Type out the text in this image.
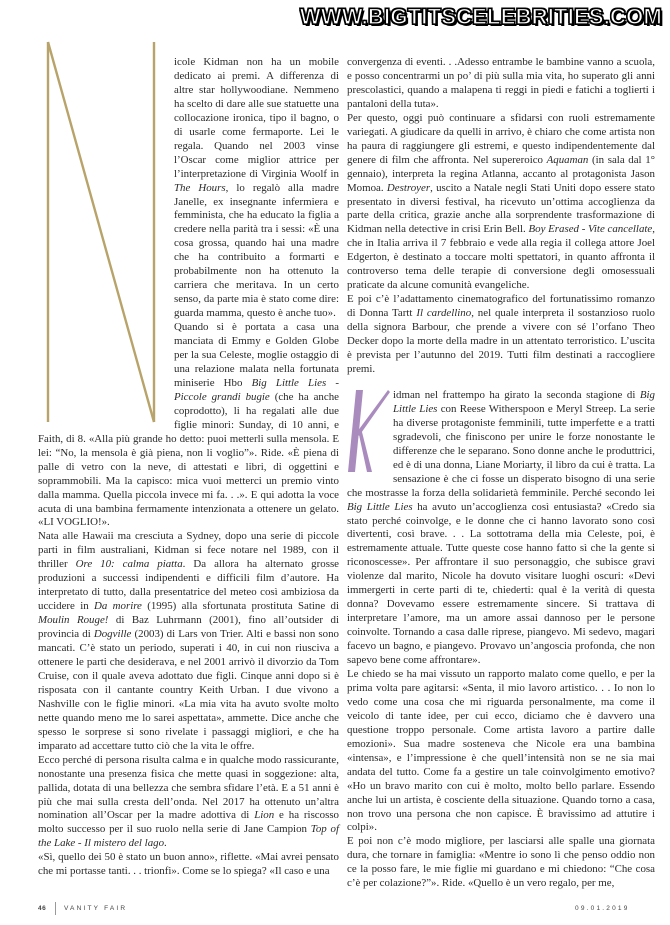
WWW.BIGTITSCELEBRITIES.COM

icole Kidman non ha un mobile dedicato ai premi. A differenza di altre star hollywoodiane. Nemmeno ha scelto di dare alle sue statuette una collocazione ironica, tipo il bagno, o di usarle come fermaporte. Lei le regala. Quando nel 2003 vinse l’Oscar come miglior attrice per l’interpretazione di Virginia Woolf in The Hours, lo regalò alla madre Janelle, ex insegnante infermiera e femminista, che ha educato la figlia a credere nella parità tra i sessi: «È una cosa grossa, quando hai una madre che ha contribuito a formarti e probabilmente non ha ottenuto la carriera che meritava. In un certo senso, da parte mia è stato come dire: guarda mamma, questo è anche tuo».

Quando si è portata a casa una manciata di Emmy e Golden Globe per la sua Celeste, moglie ostaggio di una relazione malata nella fortunata miniserie Hbo Big Little Lies - Piccole grandi bugie (che ha anche coprodotto), li ha regalati alle due figlie minori: Sunday, di 10 anni, e Faith, di 8. «Alla più grande ho detto: puoi metterli sulla mensola. E lei: “No, la mensola è già piena, non li voglio”». Ride. «È piena di palle di vetro con la neve, di attestati e libri, di oggettini e soprammobili. Ma la capisco: mica vuoi metterci un premio vinto dalla mamma. Quella piccola invece mi fa. . .». E qui adotta la voce acuta di una bambina fermamente intenzionata a ottenere un gelato. «LI VOGLIO!».

Nata alle Hawaii ma cresciuta a Sydney, dopo una serie di piccole parti in film australiani, Kidman si fece notare nel 1989, con il thriller Ore 10: calma piatta. Da allora ha alternato grosse produzioni a successi indipendenti e difficili film d’autore. Ha interpretato di tutto, dalla presentatrice del meteo così ambiziosa da uccidere in Da morire (1995) alla sfortunata prostituta Satine di Moulin Rouge! di Baz Luhrmann (2001), fino all’outsider di provincia di Dogville (2003) di Lars von Trier. Alti e bassi non sono mancati. C’è stato un periodo, superati i 40, in cui non riusciva a ottenere le parti che desiderava, e nel 2001 arrivò il divorzio da Tom Cruise, con il quale aveva adottato due figli. Cinque anni dopo si è risposata con il cantante country Keith Urban. I due vivono a Nashville con le figlie minori. «La mia vita ha avuto svolte molto nette quando meno me lo sarei aspettata», ammette. Dice anche che spesso le sorprese si sono rivelate i passaggi migliori, e che ha imparato ad accettare tutto ciò che la vita le offre.

Ecco perché di persona risulta calma e in qualche modo rassicurante, nonostante una presenza fisica che mette quasi in soggezione: alta, pallida, dotata di una bellezza che sembra sfidare l’età. E a 51 anni è più che mai sulla cresta dell’onda. Nel 2017 ha ottenuto un’altra nomination all’Oscar per la madre adottiva di Lion e ha riscosso molto successo per il suo ruolo nella serie di Jane Campion Top of the Lake - Il mistero del lago.

«Sì, quello dei 50 è stato un buon anno», riflette. «Mai avrei pensato che mi portasse tanti. . . trionfi». Come se lo spiega? «Il caso e una

convergenza di eventi. . .Adesso entrambe le bambine vanno a scuola, e posso concentrarmi un po’ di più sulla mia vita, ho superato gli anni prescolastici, quando a malapena ti reggi in piedi e fatichi a toglierti i pantaloni della tuta».

Per questo, oggi può continuare a sfidarsi con ruoli estremamente variegati. A giudicare da quelli in arrivo, è chiaro che come artista non ha paura di raggiungere gli estremi, e questo indipendentemente dal genere di film che affronta. Nel supereroico Aquaman (in sala dal 1° gennaio), interpreta la regina Atlanna, accanto al protagonista Jason Momoa. Destroyer, uscito a Natale negli Stati Uniti dopo essere stato presentato in diversi festival, ha ricevuto un’ottima accoglienza da parte della critica, grazie anche alla sorprendente trasformazione di Kidman nella detective in crisi Erin Bell. Boy Erased - Vite cancellate, che in Italia arriva il 7 febbraio e vede alla regia il collega attore Joel Edgerton, è destinato a toccare molti spettatori, in quanto affronta il controverso tema delle terapie di conversione degli omosessuali praticate da alcune comunità evangeliche.

E poi c’è l’adattamento cinematografico del fortunatissimo romanzo di Donna Tartt Il cardellino, nel quale interpreta il sostanzioso ruolo della signora Barbour, che prende a vivere con sé l’orfano Theo Decker dopo la morte della madre in un attentato terroristico. L’uscita è prevista per l’autunno del 2019. Tutti film destinati a raccogliere premi.

idman nel frattempo ha girato la seconda stagione di Big Little Lies con Reese Witherspoon e Meryl Streep. La serie ha diverse protagoniste femminili, tutte imperfette e a tratti sgradevoli, che finiscono per unire le forze nonostante le differenze che le separano. Sono donne anche le produttrici, ed è di una donna, Liane Moriarty, il libro da cui è tratta. La sensazione è che ci fosse un disperato bisogno di una serie che mostrasse la forza della solidarietà femminile. Perché secondo lei Big Little Lies ha avuto un’accoglienza così entusiasta? «Credo sia stato perché coinvolge, e le donne che ci hanno lavorato sono così divertenti, così brave. . . La sottotrama della mia Celeste, poi, è estremamente attuale. Tutte queste cose hanno fatto sì che la gente si riconoscesse». Per affrontare il suo personaggio, che subisce gravi violenze dal marito, Nicole ha dovuto visitare luoghi oscuri: «Devi immergerti in certe parti di te, chiederti: qual è la verità di questa donna? Dovevamo essere estremamente sincere. Si trattava di interpretare l’amore, ma un amore assai dannoso per le persone coinvolte. Tornando a casa dalle riprese, piangevo. Mi sedevo, magari facevo un bagno, e piangevo. Provavo un’angoscia profonda, che non sapevo bene come affrontare».

Le chiedo se ha mai vissuto un rapporto malato come quello, e per la prima volta pare agitarsi: «Senta, il mio lavoro artistico. . . Io non lo vedo come una cosa che mi riguarda personalmente, ma come il veicolo di tante idee, per cui ecco, diciamo che è davvero una questione troppo personale. Come artista lavoro a partire dalle emozioni». Sua madre sosteneva che Nicole era una bambina «intensa», e l’impressione è che quell’intensità non se ne sia mai andata del tutto. Come fa a gestire un tale coinvolgimento emotivo? «Ho un bravo marito con cui è molto, molto bello parlare. Essendo anche lui un artista, è cosciente della situazione. Quando torno a casa, non trovo una persona che non capisce. È bravissimo ad attutire i colpi».

E poi non c’è modo migliore, per lasciarsi alle spalle una giornata dura, che tornare in famiglia: «Mentre io sono lì che penso oddio non ce la posso fare, le mie figlie mi guardano e mi chiedono: “Che cosa c’è per colazione?”». Ride. «Quello è un vero regalo, per me,

46	VANITY FAIR	09.01.2019
